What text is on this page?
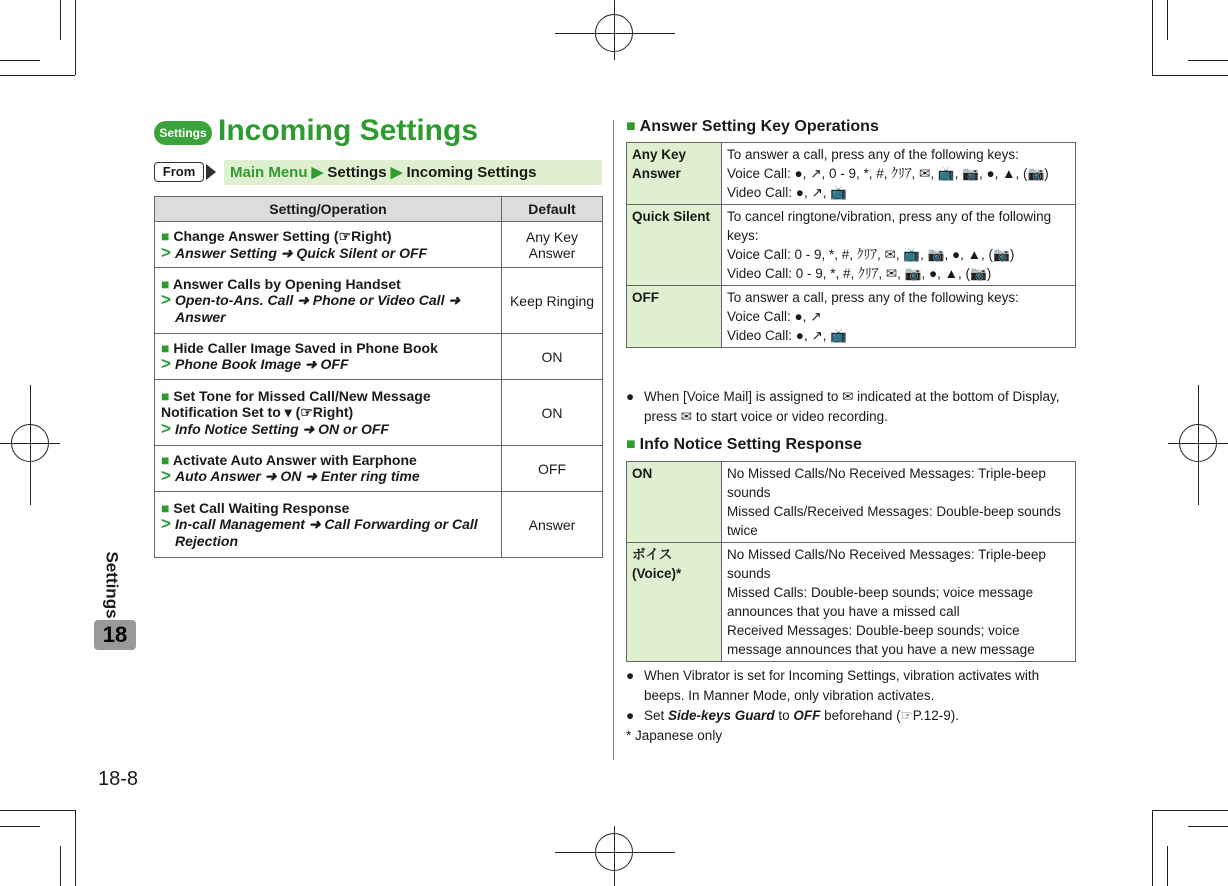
Settings
18
18-8
Settings Incoming Settings
From	Main Menu ▶ Settings ▶ Incoming Settings
Setting/Operation	Default

■ Change Answer Setting (☞Right)
> Answer Setting ➜ Quick Silent or OFF	Any Key Answer

■ Answer Calls by Opening Handset
> Open-to-Ans. Call ➜ Phone or Video Call ➜ Answer	Keep Ringing

■ Hide Caller Image Saved in Phone Book
> Phone Book Image ➜ OFF	ON

■ Set Tone for Missed Call/New Message Notification Set to ▾ (☞Right)
> Info Notice Setting ➜ ON or OFF	ON

■ Activate Auto Answer with Earphone
> Auto Answer ➜ ON ➜ Enter ring time	OFF

■ Set Call Waiting Response
> In-call Management ➜ Call Forwarding or Call Rejection	Answer
■ Answer Setting Key Operations
Any Key Answer	To answer a call, press any of the following keys:
Voice Call: ●, ↗, 0 - 9, *, #, ｸﾘｱ, ✉, 📺, 📷, ●, ▲, (📷)
Video Call: ●, ↗, 📺

Quick Silent	To cancel ringtone/vibration, press any of the following keys:
Voice Call: 0 - 9, *, #, ｸﾘｱ, ✉, 📺, 📷, ●, ▲, (📷)
Video Call: 0 - 9, *, #, ｸﾘｱ, ✉, 📷, ●, ▲, (📷)

OFF	To answer a call, press any of the following keys:
Voice Call: ●, ↗
Video Call: ●, ↗, 📺
● When [Voice Mail] is assigned to ✉ indicated at the bottom of Display, press ✉ to start voice or video recording.
■ Info Notice Setting Response
ON	No Missed Calls/No Received Messages: Triple-beep sounds
Missed Calls/Received Messages: Double-beep sounds twice

ボイス (Voice)*	No Missed Calls/No Received Messages: Triple-beep sounds
Missed Calls: Double-beep sounds; voice message announces that you have a missed call
Received Messages: Double-beep sounds; voice message announces that you have a new message
● When Vibrator is set for Incoming Settings, vibration activates with beeps. In Manner Mode, only vibration activates.
● Set Side-keys Guard to OFF beforehand (☞P.12-9).
* Japanese only
